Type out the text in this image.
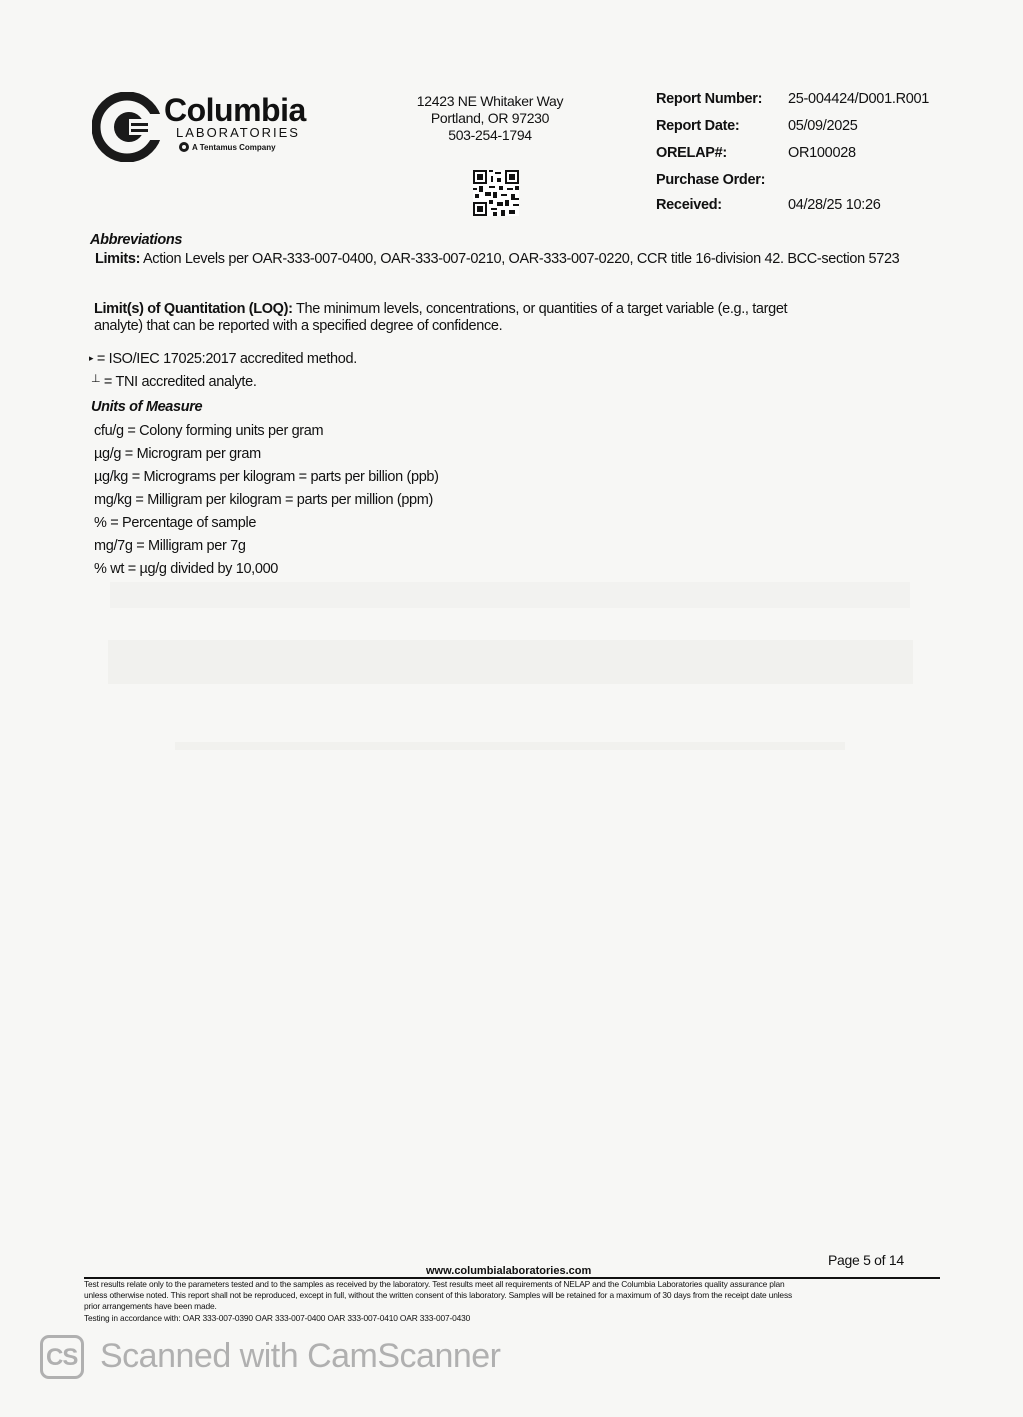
Columbia
LABORATORIES
A Tentamus Company
12423 NE Whitaker Way
Portland, OR 97230
503-254-1794
Report Number: 25-004424/D001.R001
Report Date:	05/09/2025
ORELAP#:	OR100028
Purchase Order:
Received:	04/28/25 10:26
Abbreviations
Limits: Action Levels per OAR-333-007-0400, OAR-333-007-0210, OAR-333-007-0220, CCR title 16-division 42. BCC-section 5723
Limit(s) of Quantitation (LOQ): The minimum levels, concentrations, or quantities of a target variable (e.g., target
analyte) that can be reported with a specified degree of confidence.
▸ = ISO/IEC 17025:2017 accredited method.
⊥ = TNI accredited analyte.
Units of Measure
cfu/g = Colony forming units per gram
µg/g = Microgram per gram
µg/kg = Micrograms per kilogram = parts per billion (ppb)
mg/kg = Milligram per kilogram = parts per million (ppm)
% = Percentage of sample
mg/7g = Milligram per 7g
% wt = µg/g divided by 10,000
Page 5 of 14
www.columbialaboratories.com
Test results relate only to the parameters tested and to the samples as received by the laboratory. Test results meet all requirements of NELAP and the Columbia Laboratories quality assurance plan
unless otherwise noted. This report shall not be reproduced, except in full, without the written consent of this laboratory. Samples will be retained for a maximum of 30 days from the receipt date unless
prior arrangements have been made.
Testing in accordance with: OAR 333-007-0390 OAR 333-007-0400 OAR 333-007-0410 OAR 333-007-0430
CS Scanned with CamScanner
